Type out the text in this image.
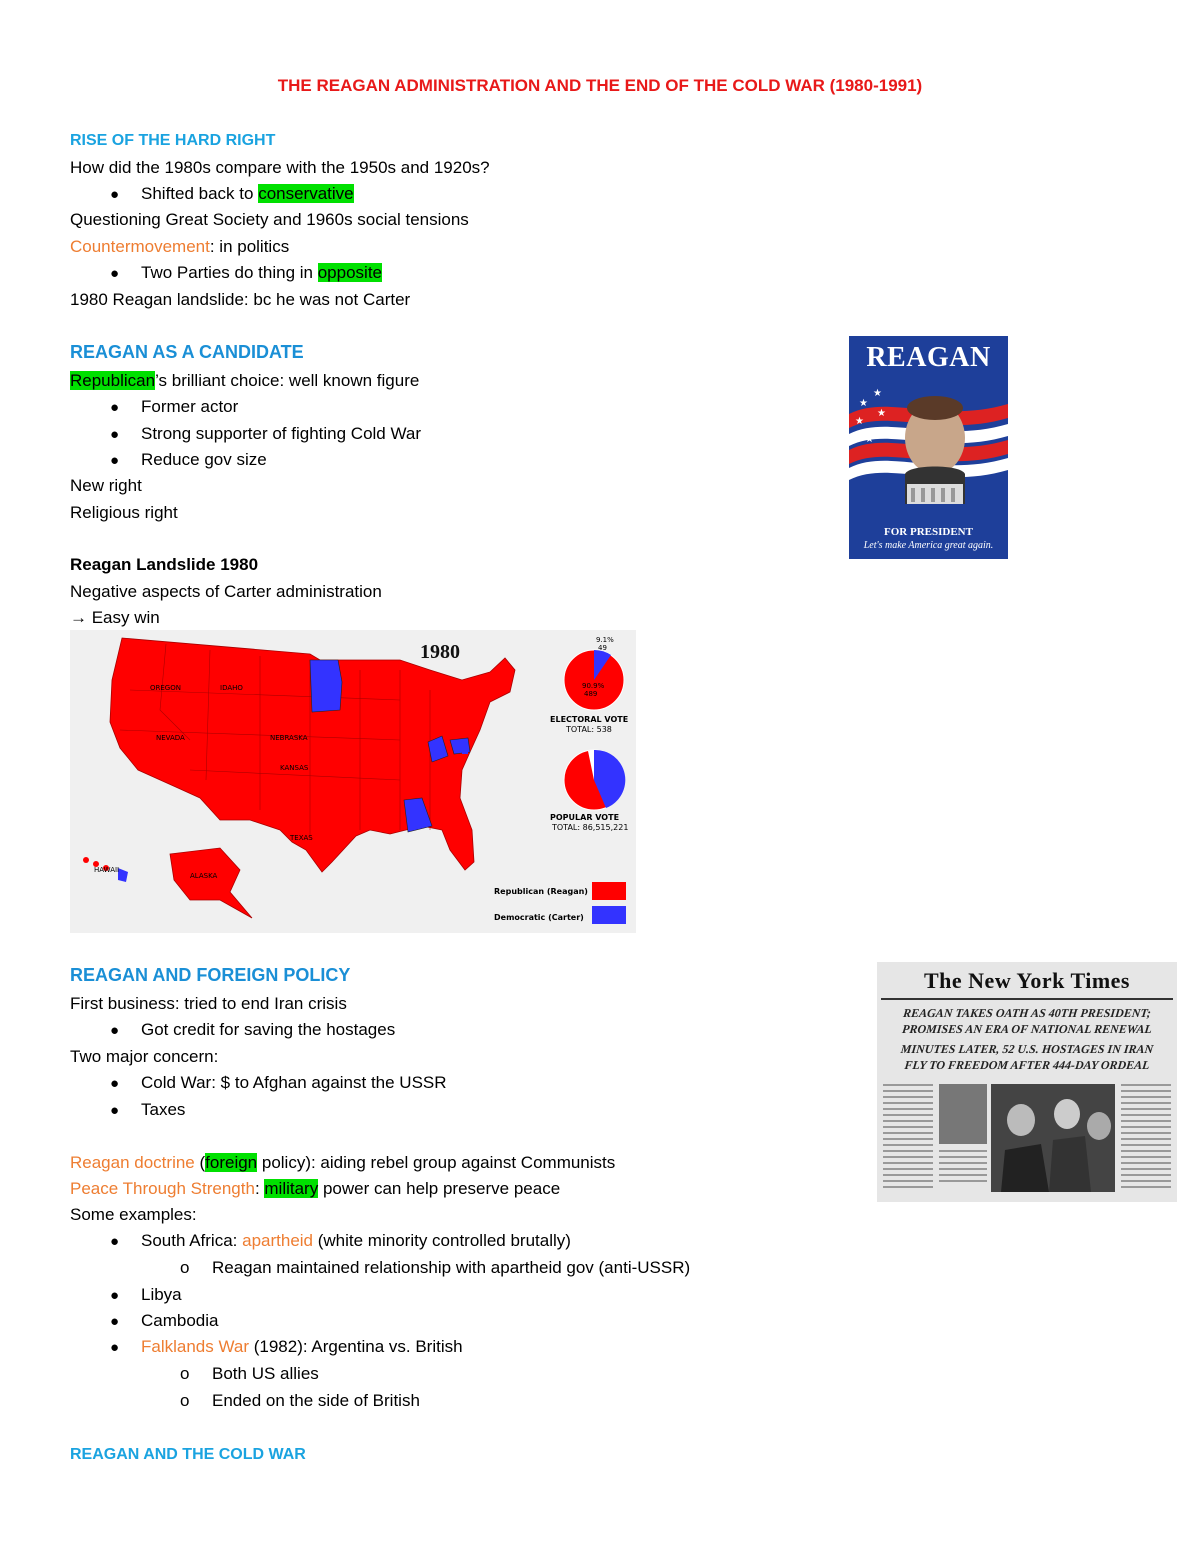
THE REAGAN ADMINISTRATION AND THE END OF THE COLD WAR (1980-1991)
RISE OF THE HARD RIGHT
How did the 1980s compare with the 1950s and 1920s?
● Shifted back to conservative
Questioning Great Society and 1960s social tensions
Countermovement: in politics
● Two Parties do thing in opposite
1980 Reagan landslide: bc he was not Carter
REAGAN AS A CANDIDATE
Republican’s brilliant choice: well known figure
● Former actor
● Strong supporter of fighting Cold War
● Reduce gov size
New right
Religious right
Reagan Landslide 1980
Negative aspects of Carter administration
→ Easy win
REAGAN
★
★
★
★
★
FOR PRESIDENT
Let's make America great again.
HAWAII
ALASKA
OREGON	IDAHO
NEBRASKA
KANSAS
TEXAS
NEVADA
1980
90.9%
489
9.1%
49
ELECTORAL VOTE
TOTAL: 538
POPULAR VOTE
TOTAL: 86,515,221
Republican (Reagan)
Democratic (Carter)
REAGAN AND FOREIGN POLICY
First business: tried to end Iran crisis
● Got credit for saving the hostages
Two major concern:
● Cold War: $ to Afghan against the USSR
● Taxes
Reagan doctrine (foreign policy): aiding rebel group against Communists
Peace Through Strength: military power can help preserve peace
Some examples:
● South Africa: apartheid (white minority controlled brutally)
o Reagan maintained relationship with apartheid gov (anti-USSR)
● Libya
● Cambodia
● Falklands War (1982): Argentina vs. British
o Both US allies
o Ended on the side of British
The New York Times
REAGAN TAKES OATH AS 40TH PRESIDENT;
PROMISES AN ERA OF NATIONAL RENEWAL
MINUTES LATER, 52 U.S. HOSTAGES IN IRAN
FLY TO FREEDOM AFTER 444-DAY ORDEAL
REAGAN AND THE COLD WAR
